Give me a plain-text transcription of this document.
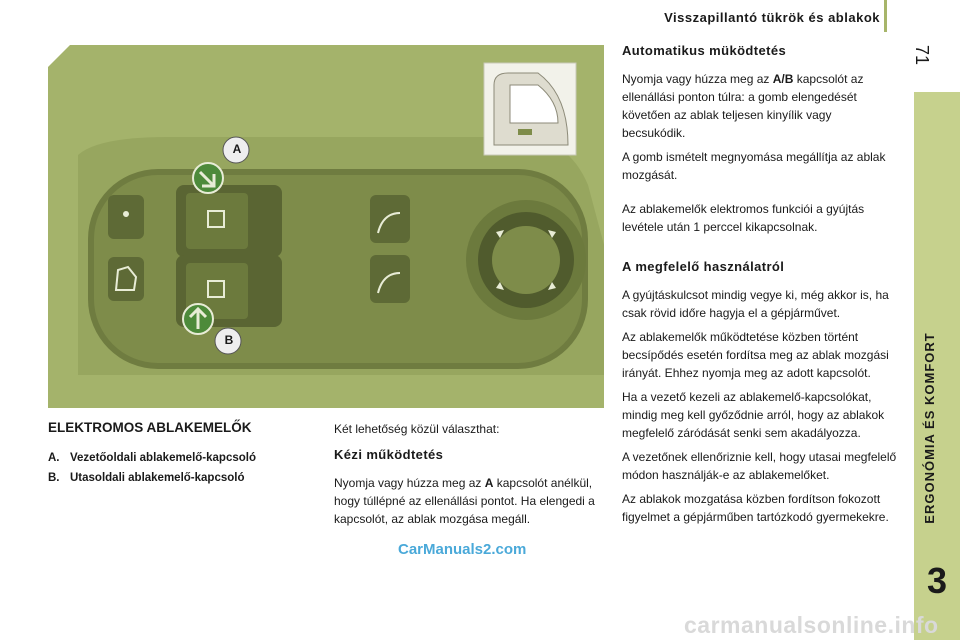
Visszapillantó tükrök és ablakok
71
ERGONÓMIA ÉS KOMFORT
3
A
B
ELEKTROMOS ABLAKEMELŐK
A. Vezetőoldali ablakemelő-kapcsoló
B. Utasoldali ablakemelő-kapcsoló

Két lehetőség közül választhat:

Kézi működtetés

Nyomja vagy húzza meg az A kapcsolót anélkül, hogy túllépné az ellenállási pontot. Ha elengedi a kapcsolót, az ablak mozgása megáll.

Automatikus müködtetés

Nyomja vagy húzza meg az A/B kapcsolót az ellenállási ponton túlra: a gomb elengedését követően az ablak teljesen kinyílik vagy becsukódik.

A gomb ismételt megnyomása megállítja az ablak mozgását.

Az ablakemelők elektromos funkciói a gyújtás levétele után 1 perccel kikapcsolnak.

A megfelelő használatról

A gyújtáskulcsot mindig vegye ki, még akkor is, ha csak rövid időre hagyja el a gépjárművet.

Az ablakemelők működtetése közben történt becsípődés esetén fordítsa meg az ablak mozgási irányát. Ehhez nyomja meg az adott kapcsolót.

Ha a vezető kezeli az ablakemelő-kapcsolókat, mindig meg kell győződnie arról, hogy az ablakok megfelelő záródását senki sem akadályozza.

A vezetőnek ellenőriznie kell, hogy utasai megfelelő módon használják-e az ablakemelőket.

Az ablakok mozgatása közben fordítson fokozott figyelmet a gépjárműben tartózkodó gyermekekre.

CarManuals2.com
carmanualsonline.info
